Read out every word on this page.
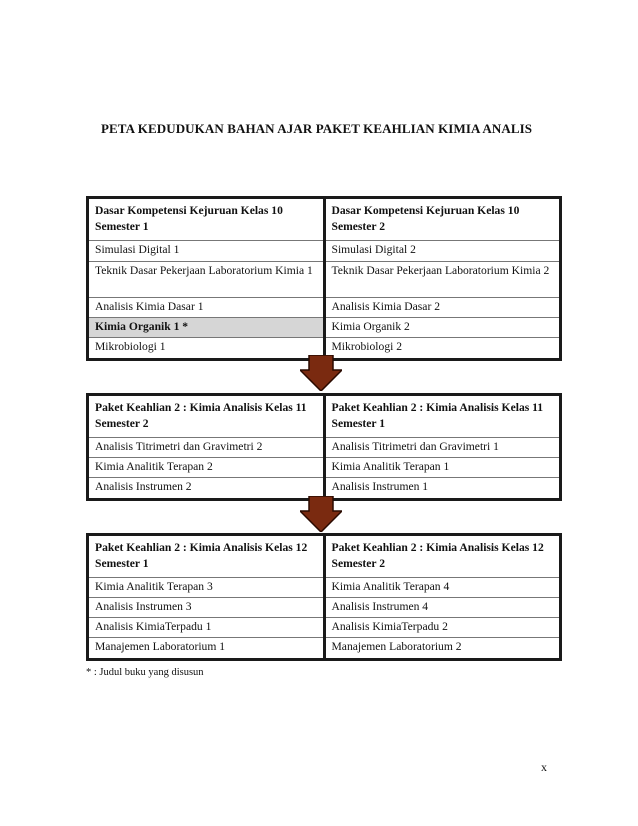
PETA KEDUDUKAN BAHAN AJAR PAKET KEAHLIAN KIMIA ANALIS
Dasar Kompetensi Kejuruan Kelas 10 Semester 1
Simulasi Digital 1
Teknik Dasar Pekerjaan Laboratorium Kimia 1
Analisis Kimia Dasar 1
Kimia Organik 1 *
Mikrobiologi 1
Dasar Kompetensi Kejuruan Kelas 10 Semester 2
Simulasi Digital 2
Teknik Dasar Pekerjaan Laboratorium Kimia 2
Analisis Kimia Dasar 2
Kimia Organik 2
Mikrobiologi 2
Paket Keahlian 2 : Kimia Analisis Kelas 11 Semester 2
Analisis Titrimetri dan Gravimetri 2
Kimia Analitik Terapan 2
Analisis Instrumen 2
Paket Keahlian 2 : Kimia Analisis Kelas 11 Semester 1
Analisis Titrimetri dan Gravimetri 1
Kimia Analitik Terapan 1
Analisis Instrumen 1
Paket Keahlian 2 : Kimia Analisis Kelas 12 Semester 1
Kimia Analitik Terapan 3
Analisis Instrumen 3
Analisis KimiaTerpadu 1
Manajemen Laboratorium 1
Paket Keahlian 2 : Kimia Analisis Kelas 12 Semester 2
Kimia Analitik Terapan 4
Analisis Instrumen 4
Analisis KimiaTerpadu 2
Manajemen Laboratorium 2
* : Judul buku yang disusun
x
